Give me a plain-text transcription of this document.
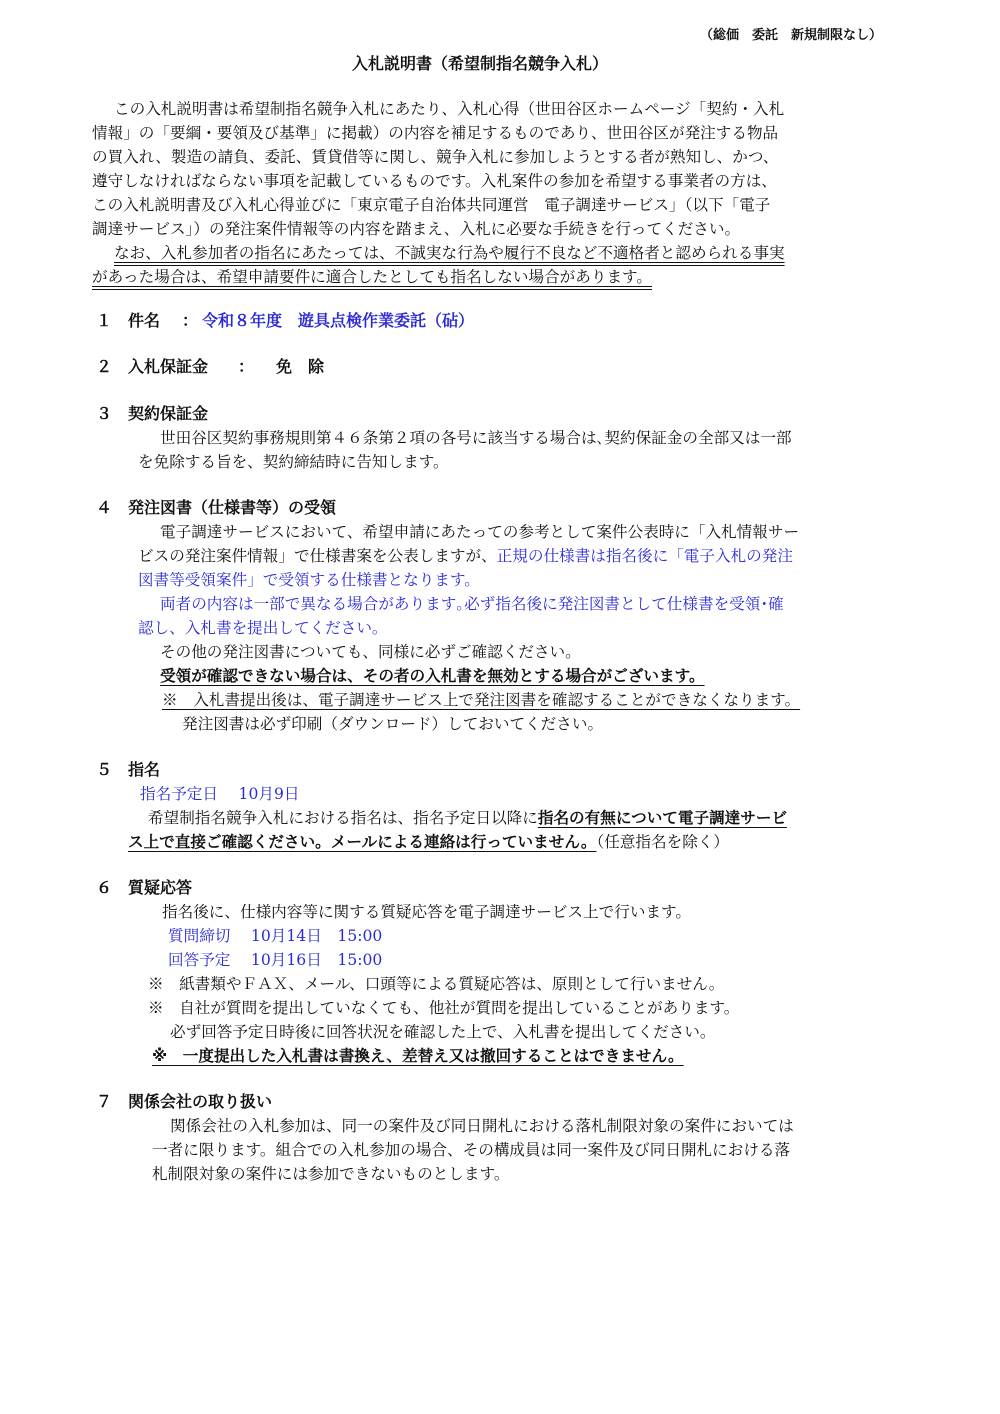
（総価　委託　新規制限なし）
入札説明書（希望制指名競争入札）
この入札説明書は希望制指名競争入札にあたり、入札心得（世田谷区ホームページ「契約・入札
情報」の「要綱・要領及び基準」に掲載）の内容を補足するものであり、世田谷区が発注する物品
の買入れ、製造の請負、委託、賃貸借等に関し、競争入札に参加しようとする者が熟知し、かつ、
遵守しなければならない事項を記載しているものです。入札案件の参加を希望する事業者の方は、
この入札説明書及び入札心得並びに「東京電子自治体共同運営　電子調達サービス」（以下「電子
調達サービス」）の発注案件情報等の内容を踏まえ、入札に必要な手続きを行ってください。
なお、入札参加者の指名にあたっては、不誠実な行為や履行不良など不適格者と認められる事実
があった場合は、希望申請要件に適合したとしても指名しない場合があります。
１ 件名 ： 令和８年度　遊具点検作業委託（砧）
２ 入札保証金 ： 免　除
３ 契約保証金
世田谷区契約事務規則第４６条第２項の各号に該当する場合は､契約保証金の全部又は一部
を免除する旨を、契約締結時に告知します。
４ 発注図書（仕様書等）の受領
電子調達サービスにおいて、希望申請にあたっての参考として案件公表時に「入札情報サー
ビスの発注案件情報」で仕様書案を公表しますが、正規の仕様書は指名後に「電子入札の発注
図書等受領案件」で受領する仕様書となります。
両者の内容は一部で異なる場合があります｡必ず指名後に発注図書として仕様書を受領･確
認し、入札書を提出してください。
その他の発注図書についても、同様に必ずご確認ください。
受領が確認できない場合は、その者の入札書を無効とする場合がございます。
※　入札書提出後は、電子調達サービス上で発注図書を確認することができなくなります。
発注図書は必ず印刷（ダウンロード）しておいてください。
５ 指名
指名予定日　 10月9日
希望制指名競争入札における指名は、指名予定日以降に指名の有無について電子調達サービ
ス上で直接ご確認ください。メールによる連絡は行っていません。（任意指名を除く）
６ 質疑応答
指名後に、仕様内容等に関する質疑応答を電子調達サービス上で行います。
質問締切　 10月14日　15:00
回答予定　 10月16日　15:00
※　紙書類やＦＡＸ、メール、口頭等による質疑応答は、原則として行いません。
※　自社が質問を提出していなくても、他社が質問を提出していることがあります。
必ず回答予定日時後に回答状況を確認した上で、入札書を提出してください。
※　一度提出した入札書は書換え、差替え又は撤回することはできません。
７ 関係会社の取り扱い
関係会社の入札参加は、同一の案件及び同日開札における落札制限対象の案件においては
一者に限ります。組合での入札参加の場合、その構成員は同一案件及び同日開札における落
札制限対象の案件には参加できないものとします。
